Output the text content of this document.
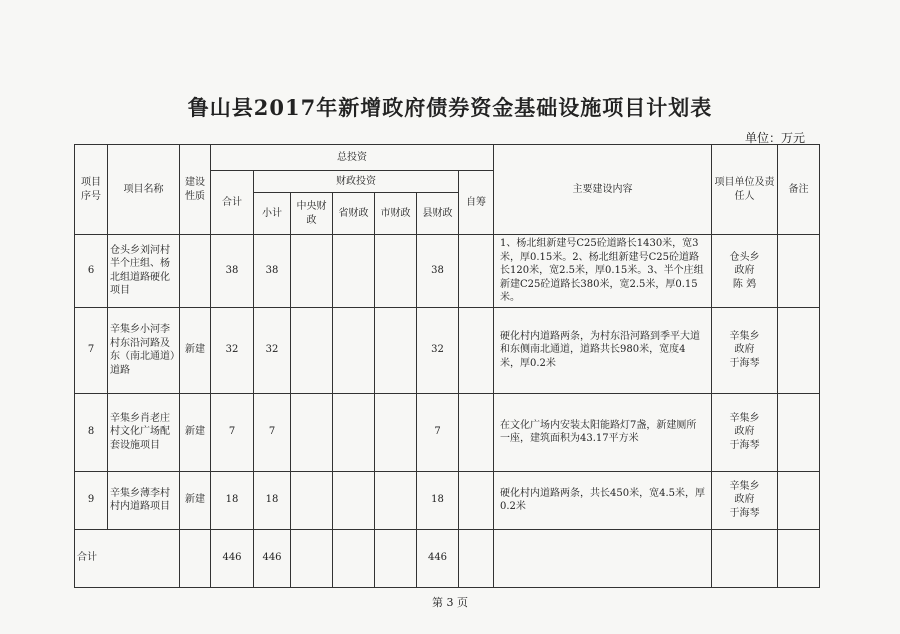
鲁山县2017年新增政府债券资金基础设施项目计划表
单位：万元
项目序号	项目名称	建设性质	总投资							主要建设内容	项目单位及责任人	备注
			合计	财政投资					自筹			
				小计	中央财政	省财政	市财政	县财政				
6	仓头乡刘河村半个庄组、杨北组道路硬化项目		38	38				38		1、杨北组新建号C25砼道路长1430米，宽3米，厚0.15米。2、杨北组新建号C25砼道路长120米，宽2.5米，厚0.15米。3、半个庄组新建C25砼道路长380米，宽2.5米，厚0.15米。	仓头乡
政府
陈 䴔	

7	辛集乡小河李村东沿河路及东（南北通道）道路	新建	32	32				32		硬化村内道路两条，为村东沿河路到季平大道和东侧南北通道，道路共长980米，宽度4米，厚0.2米	辛集乡
政府
于海琴	

8	辛集乡肖老庄村文化广场配套设施项目	新建	7	7				7		在文化广场内安装太阳能路灯7盏，新建厕所一座，建筑面积为43.17平方米	辛集乡
政府
于海琴	

9	辛集乡薄李村村内道路项目	新建	18	18				18		硬化村内道路两条，共长450米，宽4.5米，厚0.2米	辛集乡
政府
于海琴	

合计			446	446				446				
第 3 页
